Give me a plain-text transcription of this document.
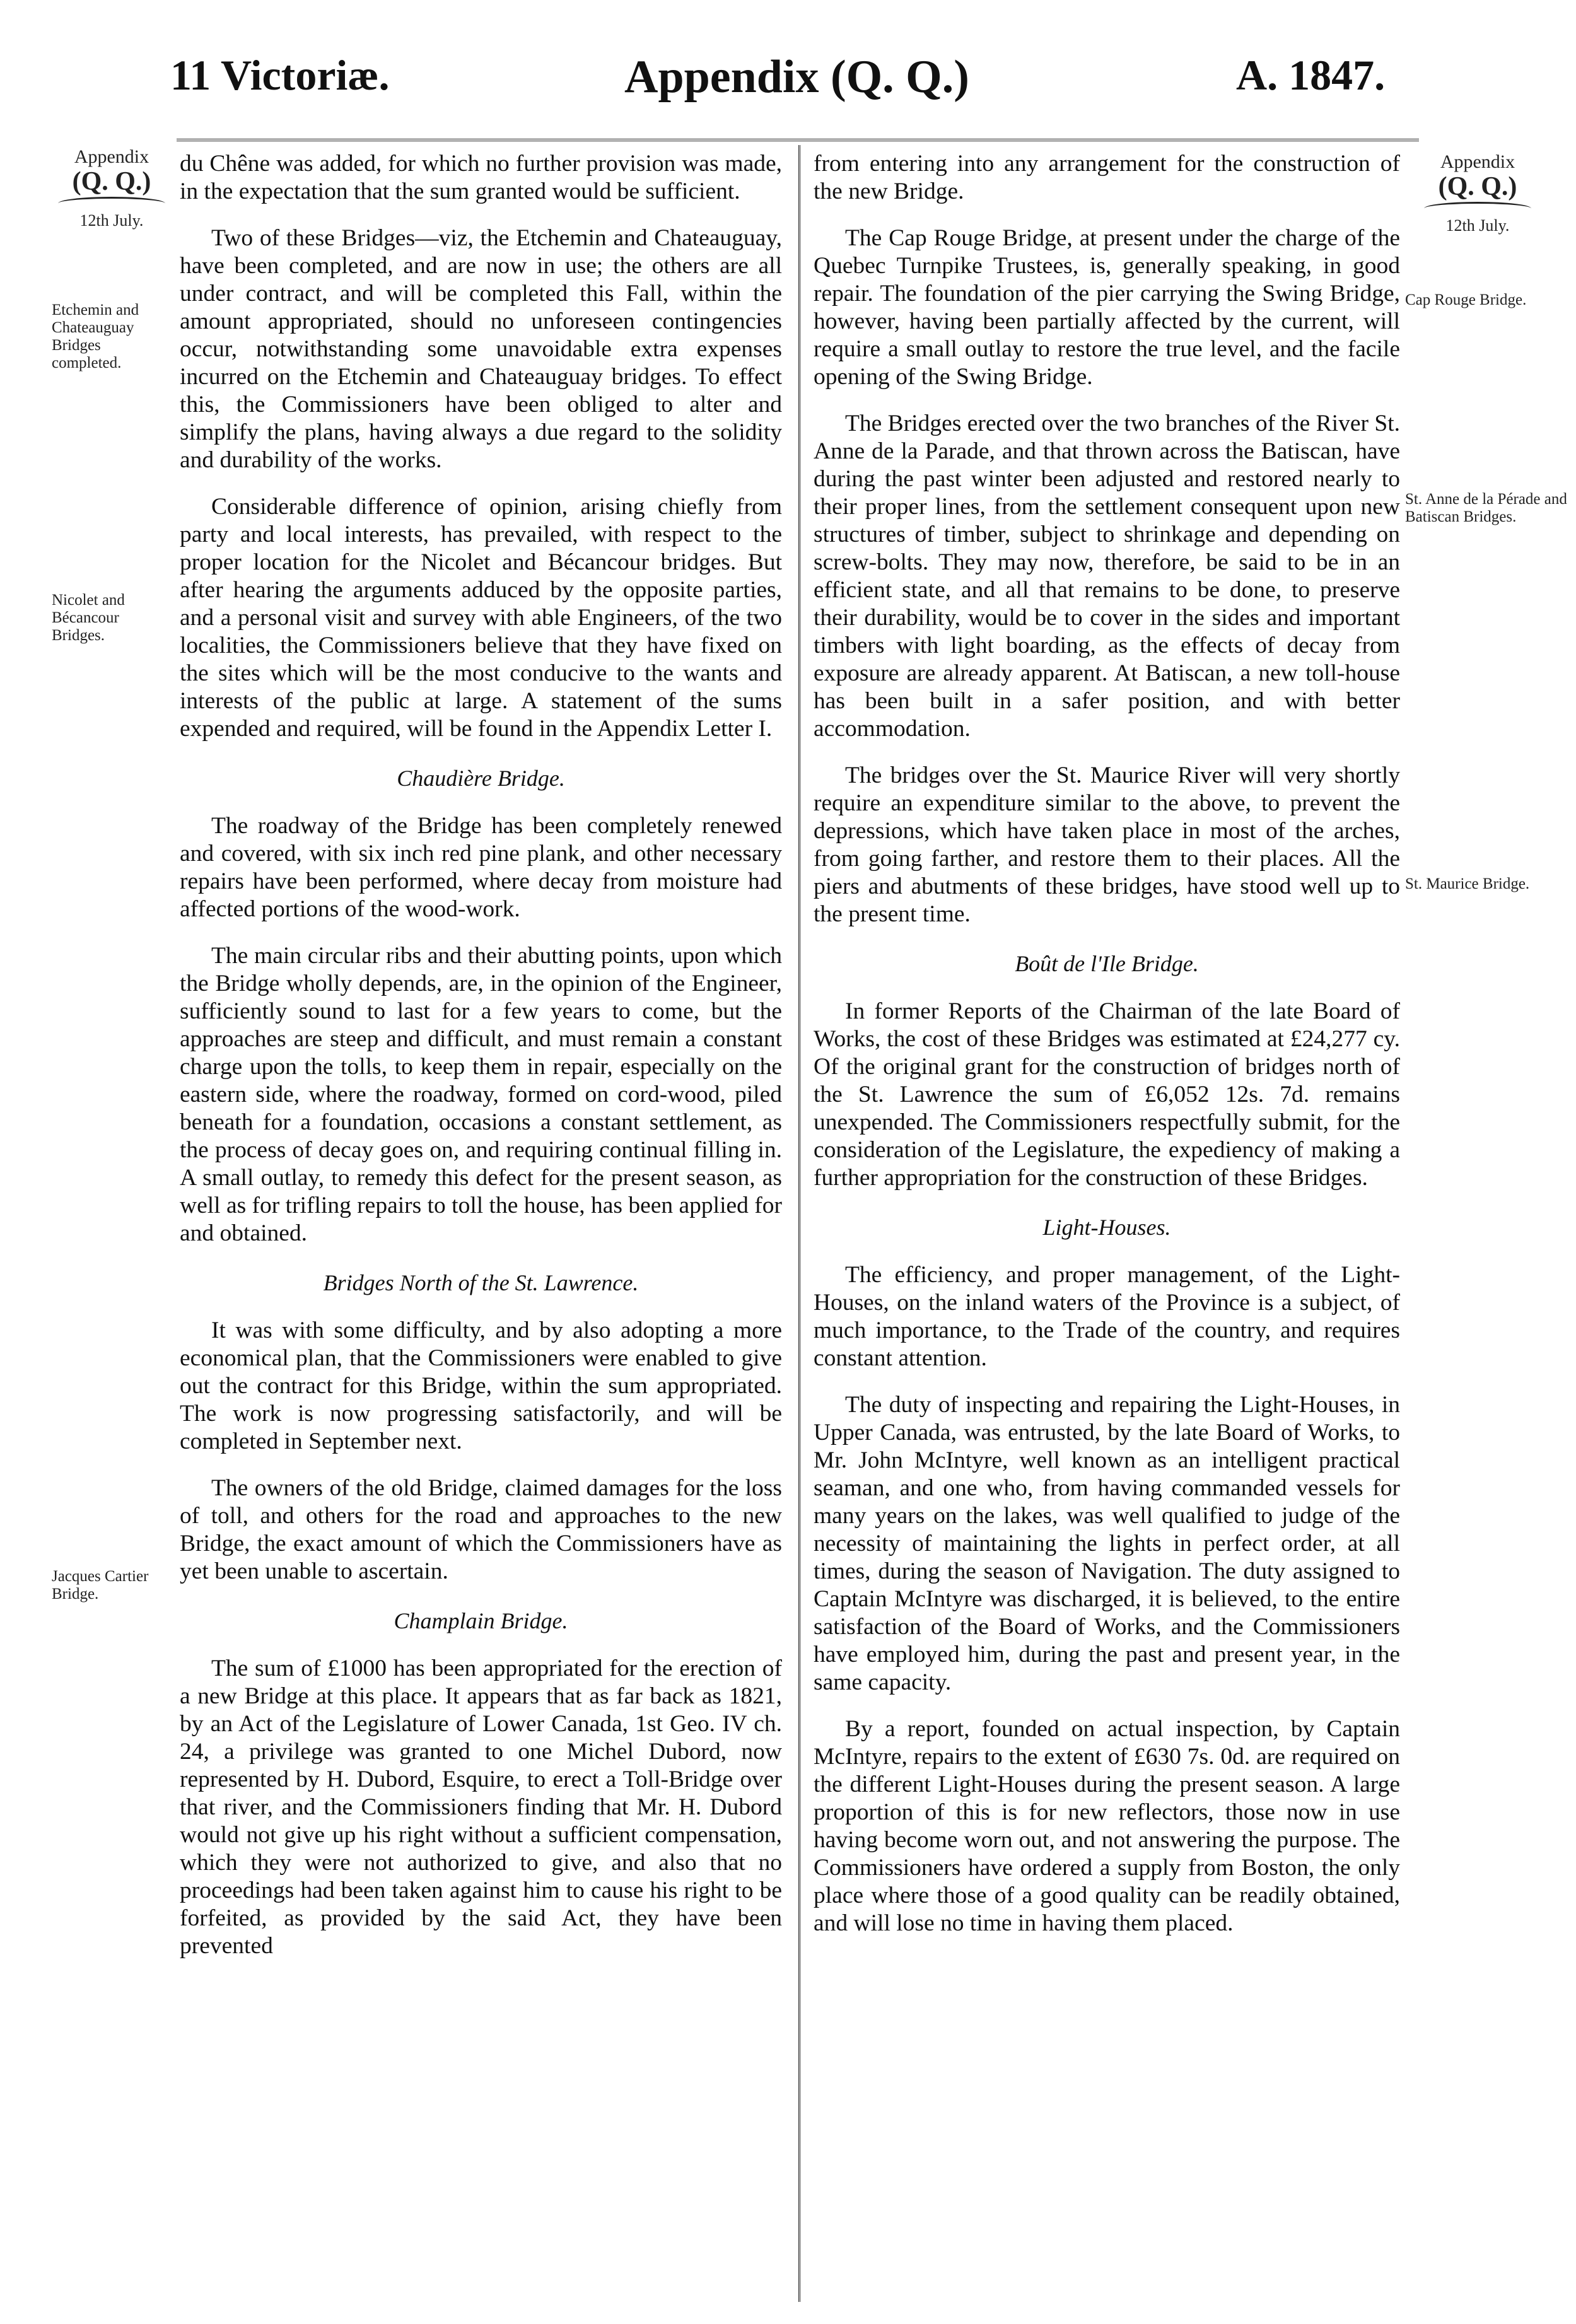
11 Victoriæ.	Appendix (Q. Q.)	A. 1847.
Appendix
(Q. Q.)
12th July.
Etchemin and Chateauguay Bridges completed.
Nicolet and Bécancour Bridges.
Jacques Cartier Bridge.
Appendix
(Q. Q.)
12th July.
Cap Rouge Bridge.
St. Anne de la Pérade and Batiscan Bridges.
St. Maurice Bridge.

du Chêne was added, for which no further provision was made, in the expectation that the sum granted would be sufficient.

Two of these Bridges—viz, the Etchemin and Chateauguay, have been completed, and are now in use; the others are all under contract, and will be completed this Fall, within the amount appropriated, should no unforeseen contingencies occur, notwithstanding some unavoidable extra expenses incurred on the Etchemin and Chateauguay bridges. To effect this, the Commissioners have been obliged to alter and simplify the plans, having always a due regard to the solidity and durability of the works.

Considerable difference of opinion, arising chiefly from party and local interests, has prevailed, with respect to the proper location for the Nicolet and Bécancour bridges. But after hearing the arguments adduced by the opposite parties, and a personal visit and survey with able Engineers, of the two localities, the Commissioners believe that they have fixed on the sites which will be the most conducive to the wants and interests of the public at large. A statement of the sums expended and required, will be found in the Appendix Letter I.

Chaudière Bridge.

The roadway of the Bridge has been completely renewed and covered, with six inch red pine plank, and other necessary repairs have been performed, where decay from moisture had affected portions of the wood-work.

The main circular ribs and their abutting points, upon which the Bridge wholly depends, are, in the opinion of the Engineer, sufficiently sound to last for a few years to come, but the approaches are steep and difficult, and must remain a constant charge upon the tolls, to keep them in repair, especially on the eastern side, where the roadway, formed on cord-wood, piled beneath for a foundation, occasions a constant settlement, as the process of decay goes on, and requiring continual filling in. A small outlay, to remedy this defect for the present season, as well as for trifling repairs to toll the house, has been applied for and obtained.

Bridges North of the St. Lawrence.

It was with some difficulty, and by also adopting a more economical plan, that the Commissioners were enabled to give out the contract for this Bridge, within the sum appropriated. The work is now progressing satisfactorily, and will be completed in September next.

The owners of the old Bridge, claimed damages for the loss of toll, and others for the road and approaches to the new Bridge, the exact amount of which the Commissioners have as yet been unable to ascertain.

Champlain Bridge.

The sum of £1000 has been appropriated for the erection of a new Bridge at this place. It appears that as far back as 1821, by an Act of the Legislature of Lower Canada, 1st Geo. IV ch. 24, a privilege was granted to one Michel Dubord, now represented by H. Dubord, Esquire, to erect a Toll-Bridge over that river, and the Commissioners finding that Mr. H. Dubord would not give up his right without a sufficient compensation, which they were not authorized to give, and also that no proceedings had been taken against him to cause his right to be forfeited, as provided by the said Act, they have been prevented

from entering into any arrangement for the construction of the new Bridge.

The Cap Rouge Bridge, at present under the charge of the Quebec Turnpike Trustees, is, generally speaking, in good repair. The foundation of the pier carrying the Swing Bridge, however, having been partially affected by the current, will require a small outlay to restore the true level, and the facile opening of the Swing Bridge.

The Bridges erected over the two branches of the River St. Anne de la Parade, and that thrown across the Batiscan, have during the past winter been adjusted and restored nearly to their proper lines, from the settlement consequent upon new structures of timber, subject to shrinkage and depending on screw-bolts. They may now, therefore, be said to be in an efficient state, and all that remains to be done, to preserve their durability, would be to cover in the sides and important timbers with light boarding, as the effects of decay from exposure are already apparent. At Batiscan, a new toll-house has been built in a safer position, and with better accommodation.

The bridges over the St. Maurice River will very shortly require an expenditure similar to the above, to prevent the depressions, which have taken place in most of the arches, from going farther, and restore them to their places. All the piers and abutments of these bridges, have stood well up to the present time.

Boût de l'Ile Bridge.

In former Reports of the Chairman of the late Board of Works, the cost of these Bridges was estimated at £24,277 cy. Of the original grant for the construction of bridges north of the St. Lawrence the sum of £6,052 12s. 7d. remains unexpended. The Commissioners respectfully submit, for the consideration of the Legislature, the expediency of making a further appropriation for the construction of these Bridges.

Light-Houses.

The efficiency, and proper management, of the Light-Houses, on the inland waters of the Province is a subject, of much importance, to the Trade of the country, and requires constant attention.

The duty of inspecting and repairing the Light-Houses, in Upper Canada, was entrusted, by the late Board of Works, to Mr. John McIntyre, well known as an intelligent practical seaman, and one who, from having commanded vessels for many years on the lakes, was well qualified to judge of the necessity of maintaining the lights in perfect order, at all times, during the season of Navigation. The duty assigned to Captain McIntyre was discharged, it is believed, to the entire satisfaction of the Board of Works, and the Commissioners have employed him, during the past and present year, in the same capacity.

By a report, founded on actual inspection, by Captain McIntyre, repairs to the extent of £630 7s. 0d. are required on the different Light-Houses during the present season. A large proportion of this is for new reflectors, those now in use having become worn out, and not answering the purpose. The Commissioners have ordered a supply from Boston, the only place where those of a good quality can be readily obtained, and will lose no time in having them placed.
